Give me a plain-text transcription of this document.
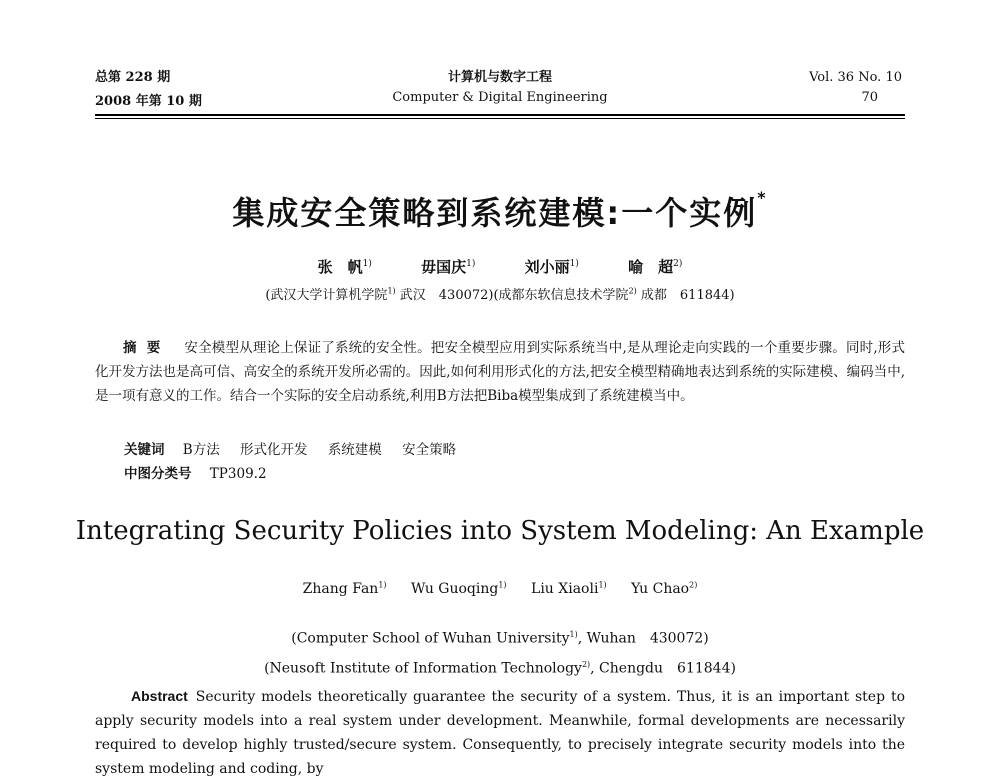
总第 228 期
2008 年第 10 期
计算机与数字工程
Computer & Digital Engineering
Vol. 36 No. 10
70
集成安全策略到系统建模:一个实例*
张　帆$^{1)}$	毋国庆$^{1)}$	刘小丽$^{1)}$	喻　超$^{2)}$
(武汉大学计算机学院$^{1)}$ 武汉　430072)(成都东软信息技术学院$^{2)}$ 成都　611844)
摘要 安全模型从理论上保证了系统的安全性。把安全模型应用到实际系统当中,是从理论走向实践的一个重要步骤。同时,形式化开发方法也是高可信、高安全的系统开发所必需的。因此,如何利用形式化的方法,把安全模型精确地表达到系统的实际建模、编码当中,是一项有意义的工作。结合一个实际的安全启动系统,利用B方法把Biba模型集成到了系统建模当中。
关键词 B方法 形式化开发 系统建模 安全策略
中图分类号 TP309.2
Integrating Security Policies into System Modeling: An Example
Zhang Fan$^{1)}$ Wu Guoqing$^{1)}$ Liu Xiaoli$^{1)}$ Yu Chao$^{2)}$
(Computer School of Wuhan University$^{1)}$, Wuhan　430072)
(Neusoft Institute of Information Technology$^{2)}$, Chengdu　611844)
Abstract Security models theoretically guarantee the security of a system. Thus, it is an important step to apply security models into a real system under development. Meanwhile, formal developments are necessarily required to develop highly trusted/secure system. Consequently, to precisely integrate security models into the system modeling and coding, by
